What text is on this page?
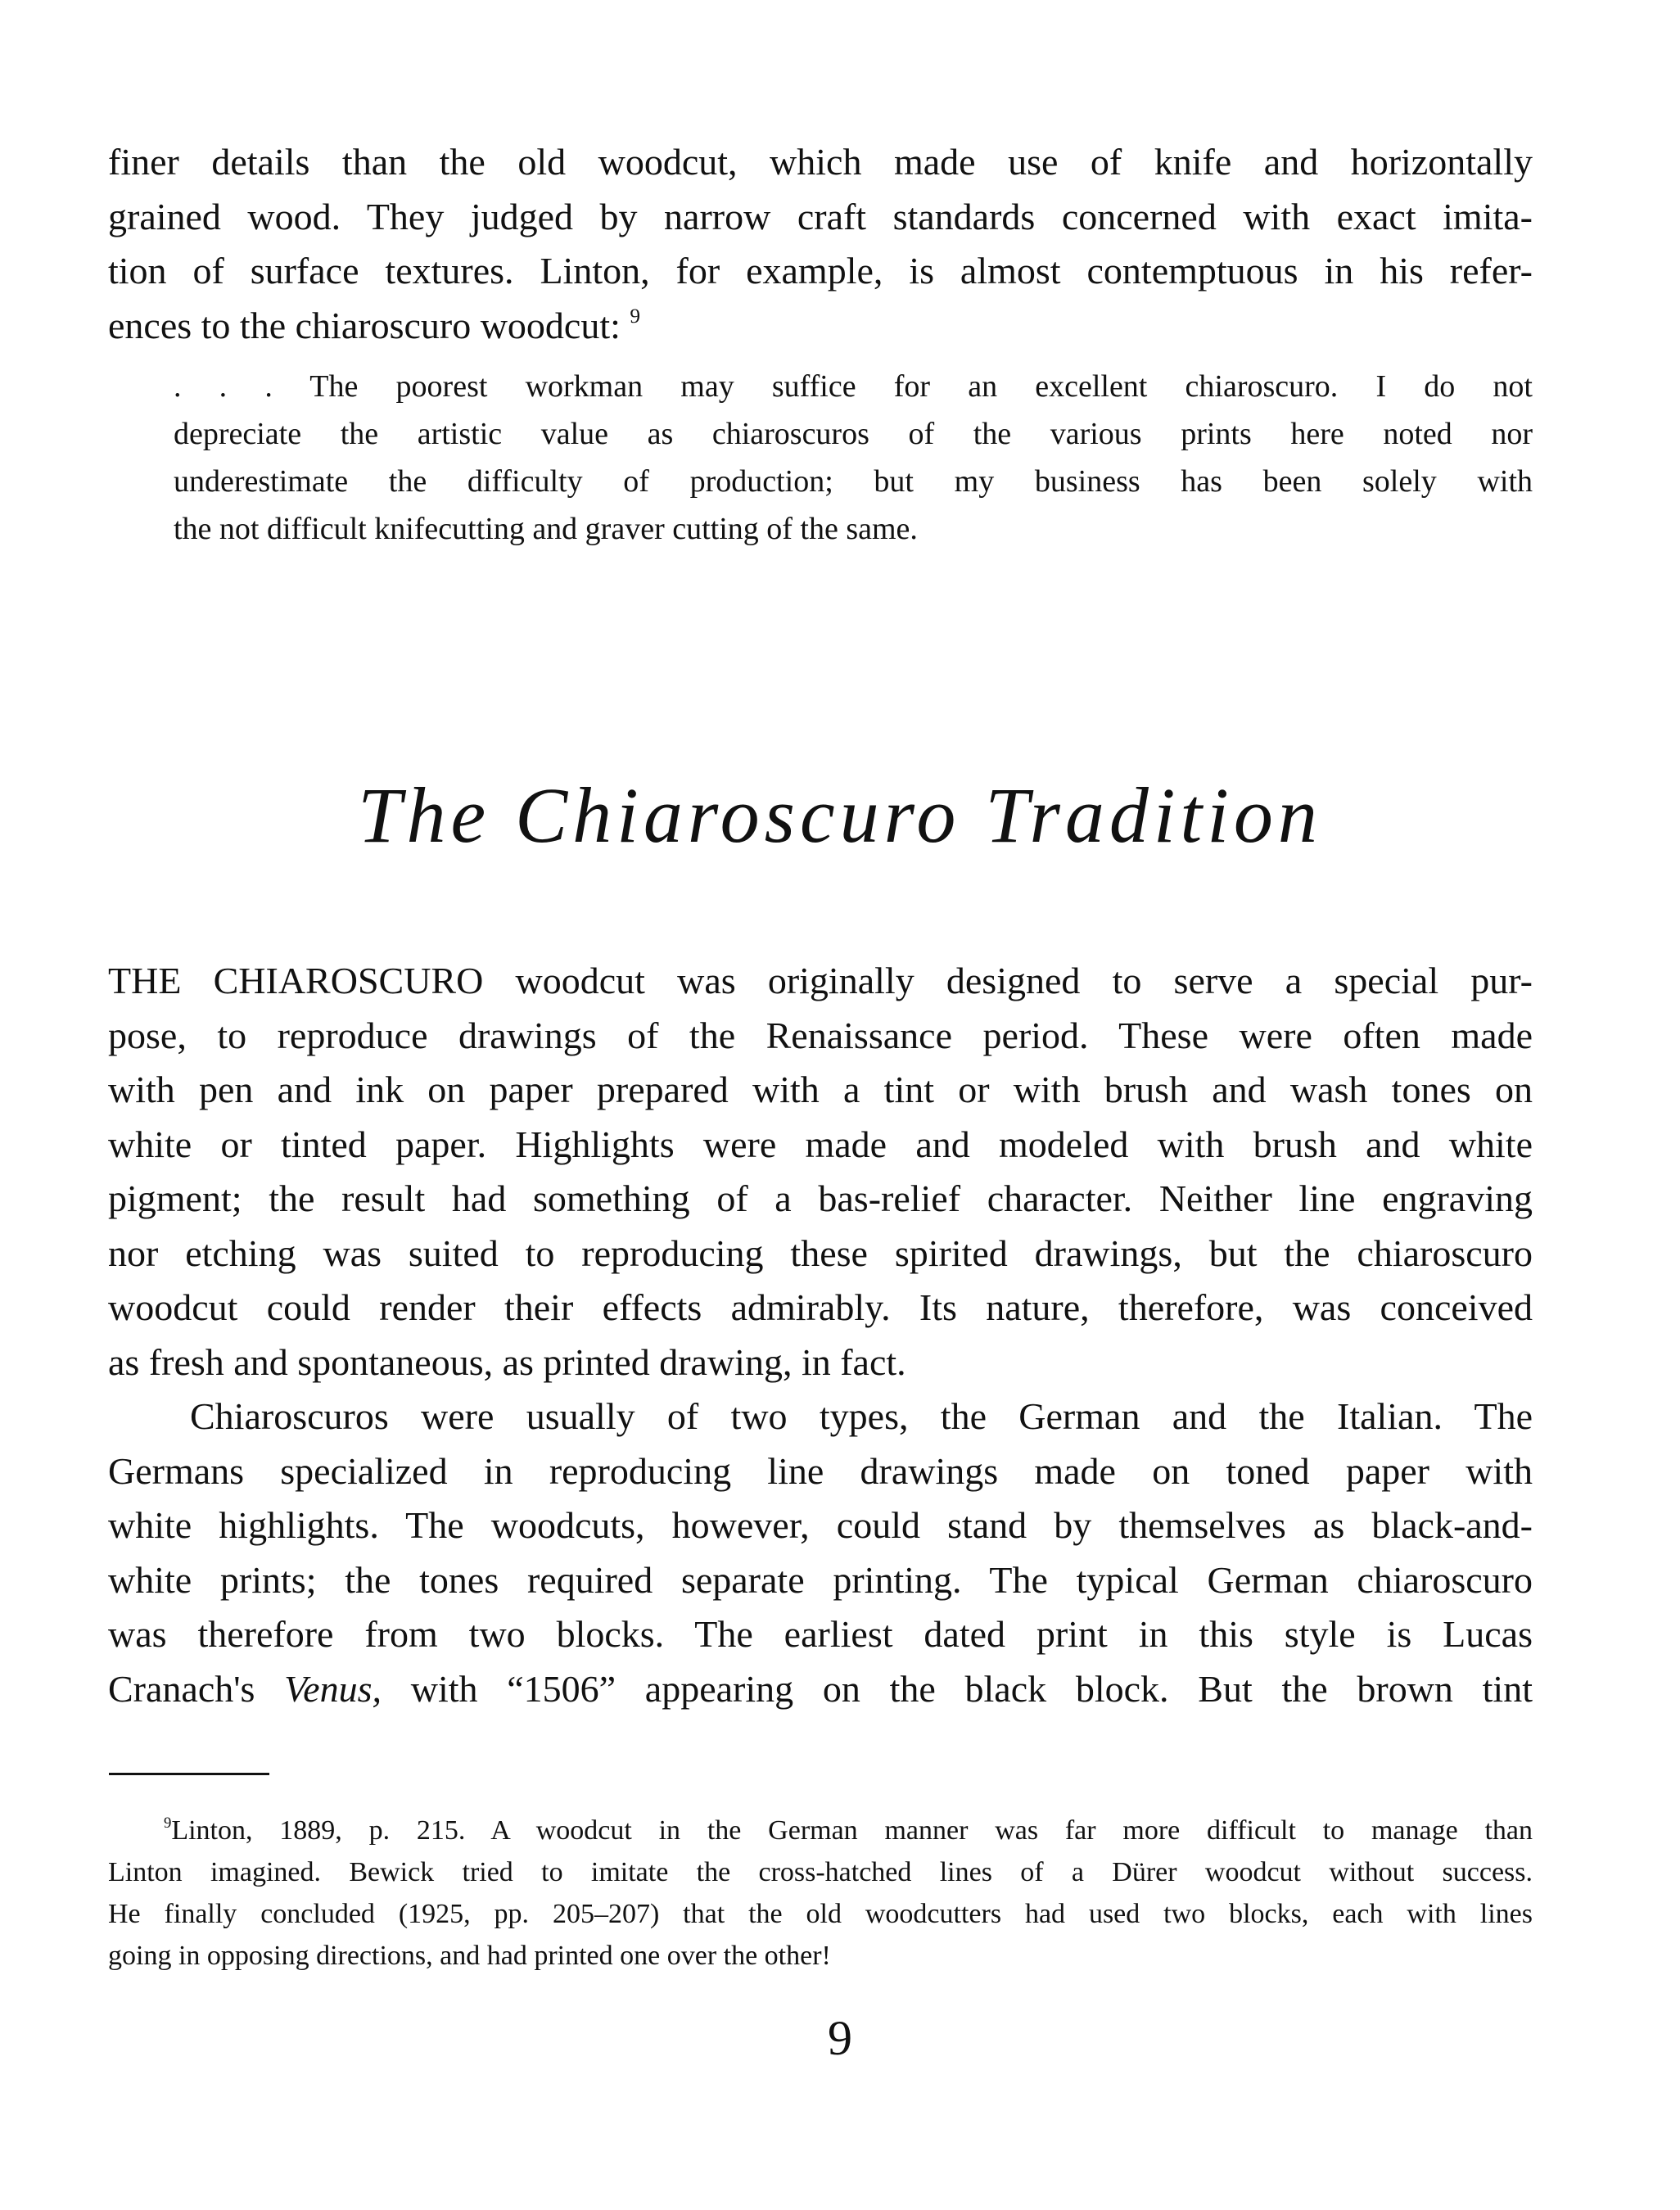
finer details than the old woodcut, which made use of knife and horizontally
grained wood. They judged by narrow craft standards concerned with exact imita-
tion of surface textures. Linton, for example, is almost contemptuous in his refer-
ences to the chiaroscuro woodcut: $^9$
. . . The poorest workman may suffice for an excellent chiaroscuro. I do not
depreciate the artistic value as chiaroscuros of the various prints here noted nor
underestimate the difficulty of production; but my business has been solely with
the not difficult knifecutting and graver cutting of the same.
The Chiaroscuro Tradition
THE CHIAROSCURO woodcut was originally designed to serve a special pur-
pose, to reproduce drawings of the Renaissance period. These were often made
with pen and ink on paper prepared with a tint or with brush and wash tones on
white or tinted paper. Highlights were made and modeled with brush and white
pigment; the result had something of a bas-relief character. Neither line engraving
nor etching was suited to reproducing these spirited drawings, but the chiaroscuro
woodcut could render their effects admirably. Its nature, therefore, was conceived
as fresh and spontaneous, as printed drawing, in fact.
Chiaroscuros were usually of two types, the German and the Italian. The
Germans specialized in reproducing line drawings made on toned paper with
white highlights. The woodcuts, however, could stand by themselves as black-and-
white prints; the tones required separate printing. The typical German chiaroscuro
was therefore from two blocks. The earliest dated print in this style is Lucas
Cranach's Venus, with “1506” appearing on the black block. But the brown tint
$^9$Linton, 1889, p. 215. A woodcut in the German manner was far more difficult to manage than
Linton imagined. Bewick tried to imitate the cross-hatched lines of a Dürer woodcut without success.
He finally concluded (1925, pp. 205–207) that the old woodcutters had used two blocks, each with lines
going in opposing directions, and had printed one over the other!
9
